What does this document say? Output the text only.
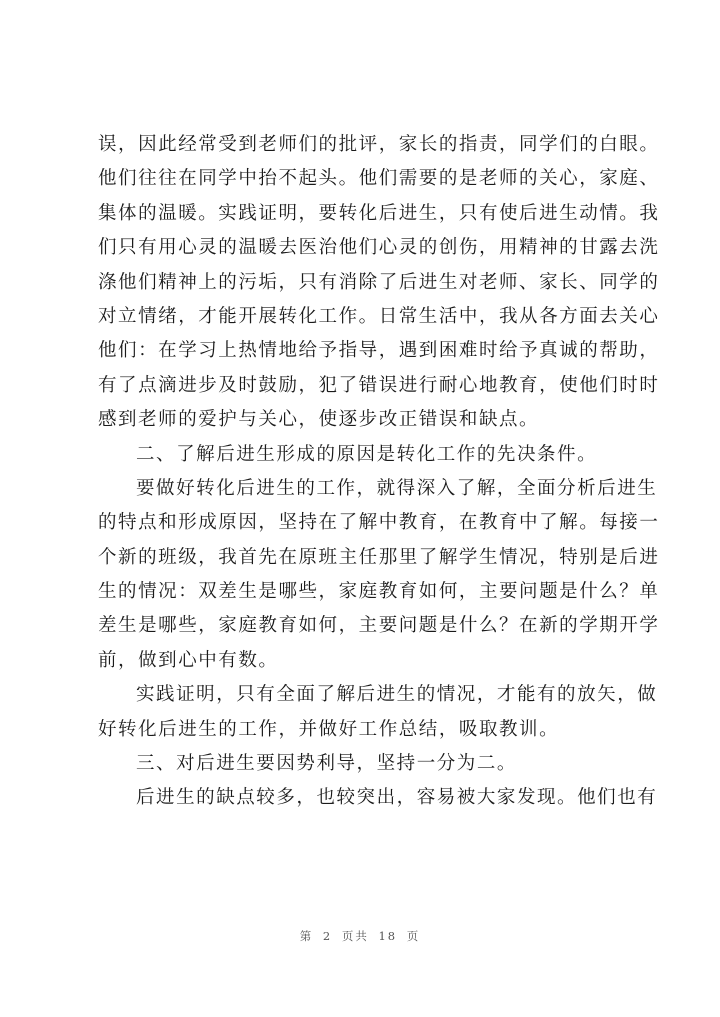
误，因此经常受到老师们的批评，家长的指责，同学们的白眼。
他们往往在同学中抬不起头。他们需要的是老师的关心，家庭、
集体的温暖。实践证明，要转化后进生，只有使后进生动情。我
们只有用心灵的温暖去医治他们心灵的创伤，用精神的甘露去洗
涤他们精神上的污垢，只有消除了后进生对老师、家长、同学的
对立情绪，才能开展转化工作。日常生活中，我从各方面去关心
他们：在学习上热情地给予指导，遇到困难时给予真诚的帮助，
有了点滴进步及时鼓励，犯了错误进行耐心地教育，使他们时时
感到老师的爱护与关心，使逐步改正错误和缺点。
二、了解后进生形成的原因是转化工作的先决条件。
要做好转化后进生的工作，就得深入了解，全面分析后进生
的特点和形成原因，坚持在了解中教育，在教育中了解。每接一
个新的班级，我首先在原班主任那里了解学生情况，特别是后进
生的情况：双差生是哪些，家庭教育如何，主要问题是什么？单
差生是哪些，家庭教育如何，主要问题是什么？在新的学期开学
前，做到心中有数。
实践证明，只有全面了解后进生的情况，才能有的放矢，做
好转化后进生的工作，并做好工作总结，吸取教训。
三、对后进生要因势利导，坚持一分为二。
后进生的缺点较多，也较突出，容易被大家发现。他们也有
第 2 页共 18 页
